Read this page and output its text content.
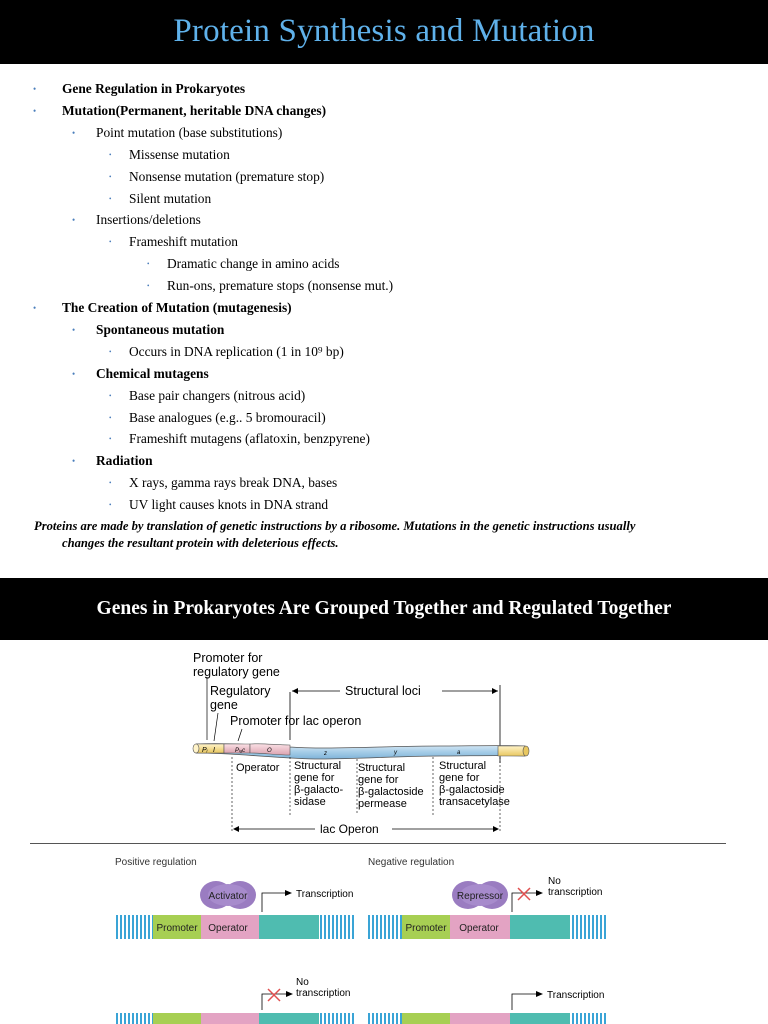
Protein Synthesis and Mutation
• Gene Regulation in Prokaryotes
• Mutation(Permanent, heritable DNA changes)
• Point mutation (base substitutions)
• Missense mutation
• Nonsense mutation (premature stop)
• Silent mutation
• Insertions/deletions
• Frameshift mutation
• Dramatic change in amino acids
• Run-ons, premature stops (nonsense mut.)
• The Creation of Mutation (mutagenesis)
• Spontaneous mutation
• Occurs in DNA replication (1 in 10⁹ bp)
• Chemical mutagens
• Base pair changers (nitrous acid)
• Base analogues (e.g.. 5 bromouracil)
• Frameshift mutagens (aflatoxin, benzpyrene)
• Radiation
• X rays, gamma rays break DNA, bases
• UV light causes knots in DNA strand
Proteins are made by translation of genetic instructions by a ribosome. Mutations in the genetic instructions usually
changes the resultant protein with deleterious effects.
Genes in Prokaryotes Are Grouped Together and Regulated Together
Promoter for
regulatory gene
Regulatory
gene
Structural loci
Promoter for lac operon
Pᵢ I	Pₗₐc	O	z	y	a
Operator Structural
gene for
β-galacto-
sidase
Structural
gene for
β-galactoside
permease
Structural
gene for
β-galactoside
transacetylase
lac Operon
Positive regulation	Negative regulation
Activator
Promoter Operator
Transcription	Repressor
Promoter Operator
No
transcription
No
transcription	Transcription
